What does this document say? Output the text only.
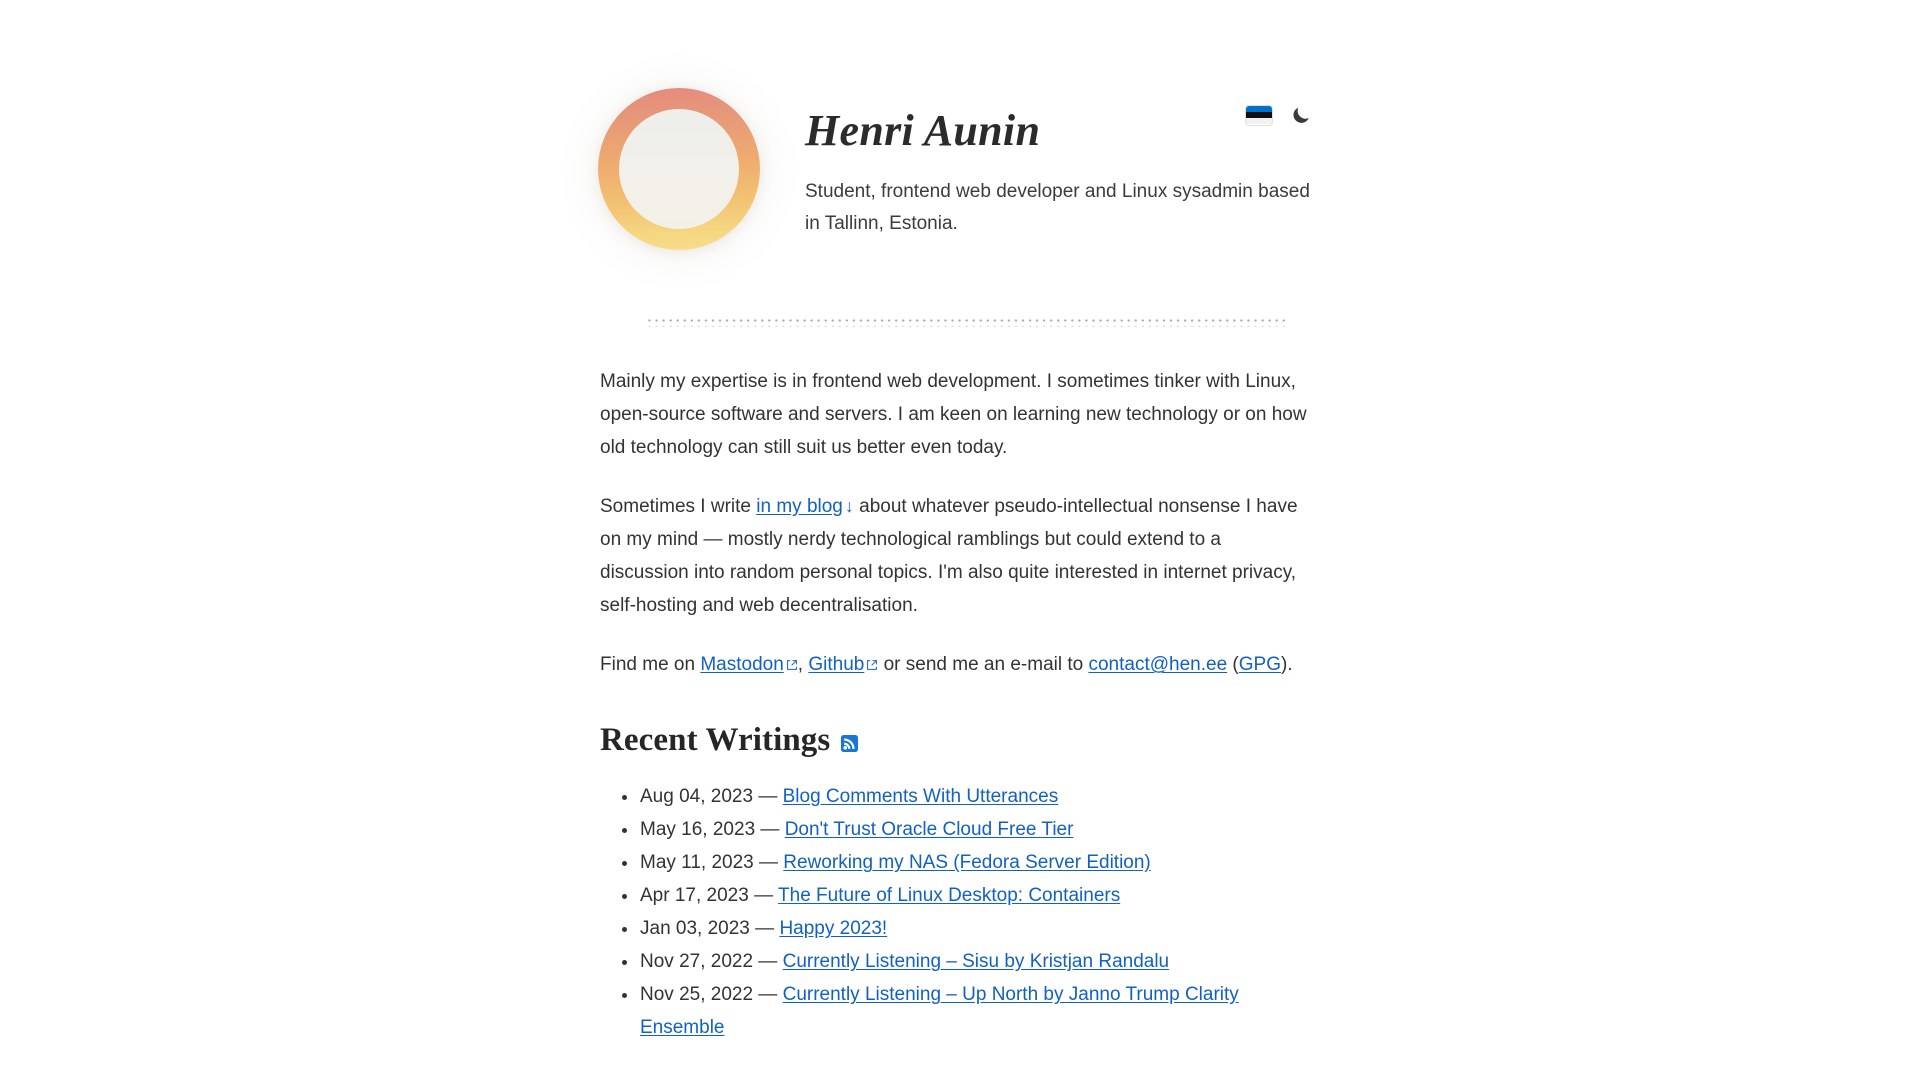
Henri Aunin

Student, frontend web developer and Linux sysadmin based in Tallinn, Estonia.

Mainly my expertise is in frontend web development. I sometimes tinker with Linux, open-source software and servers. I am keen on learning new technology or on how old technology can still suit us better even today.

Sometimes I write in my blog ↓ about whatever pseudo-intellectual nonsense I have on my mind — mostly nerdy technological ramblings but could extend to a discussion into random personal topics. I'm also quite interested in internet privacy, self-hosting and web decentralisation.

Find me on Mastodon , Github or send me an e-mail to contact@hen.ee (GPG).

Recent Writings
Aug 04, 2023 — Blog Comments With Utterances
May 16, 2023 — Don't Trust Oracle Cloud Free Tier
May 11, 2023 — Reworking my NAS (Fedora Server Edition)
Apr 17, 2023 — The Future of Linux Desktop: Containers
Jan 03, 2023 — Happy 2023!
Nov 27, 2022 — Currently Listening – Sisu by Kristjan Randalu
Nov 25, 2022 — Currently Listening – Up North by Janno Trump Clarity Ensemble
